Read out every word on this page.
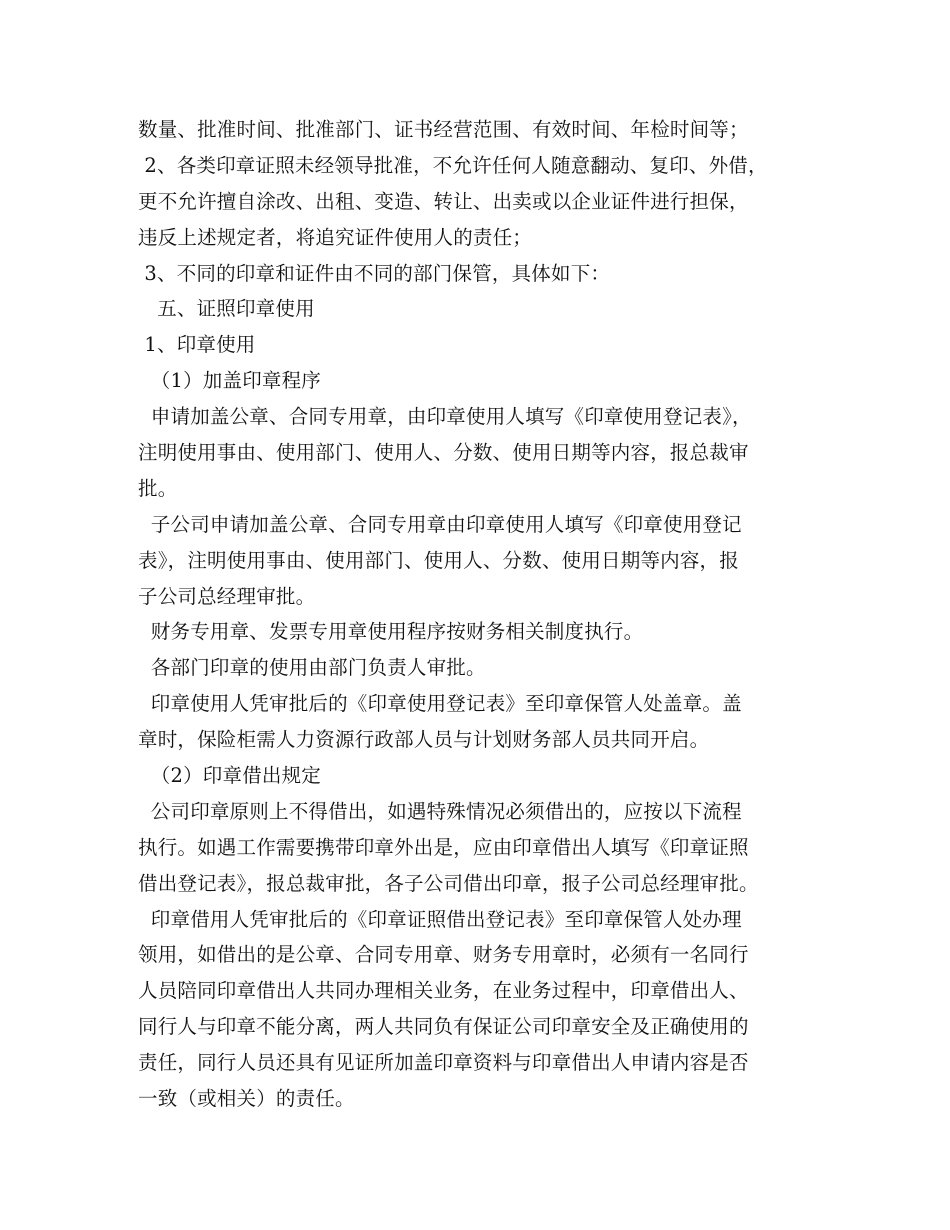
数量、批准时间、批准部门、证书经营范围、有效时间、年检时间等；
2、各类印章证照未经领导批准，不允许任何人随意翻动、复印、外借，
更不允许擅自涂改、出租、变造、转让、出卖或以企业证件进行担保，
违反上述规定者，将追究证件使用人的责任；
3、不同的印章和证件由不同的部门保管，具体如下：
五、证照印章使用
1、印章使用
（1）加盖印章程序
申请加盖公章、合同专用章，由印章使用人填写《印章使用登记表》，
注明使用事由、使用部门、使用人、分数、使用日期等内容，报总裁审
批。
子公司申请加盖公章、合同专用章由印章使用人填写《印章使用登记
表》，注明使用事由、使用部门、使用人、分数、使用日期等内容，报
子公司总经理审批。
财务专用章、发票专用章使用程序按财务相关制度执行。
各部门印章的使用由部门负责人审批。
印章使用人凭审批后的《印章使用登记表》至印章保管人处盖章。盖
章时，保险柜需人力资源行政部人员与计划财务部人员共同开启。
（2）印章借出规定
公司印章原则上不得借出，如遇特殊情况必须借出的，应按以下流程
执行。如遇工作需要携带印章外出是，应由印章借出人填写《印章证照
借出登记表》，报总裁审批，各子公司借出印章，报子公司总经理审批。
印章借用人凭审批后的《印章证照借出登记表》至印章保管人处办理
领用，如借出的是公章、合同专用章、财务专用章时，必须有一名同行
人员陪同印章借出人共同办理相关业务，在业务过程中，印章借出人、
同行人与印章不能分离，两人共同负有保证公司印章安全及正确使用的
责任，同行人员还具有见证所加盖印章资料与印章借出人申请内容是否
一致（或相关）的责任。
